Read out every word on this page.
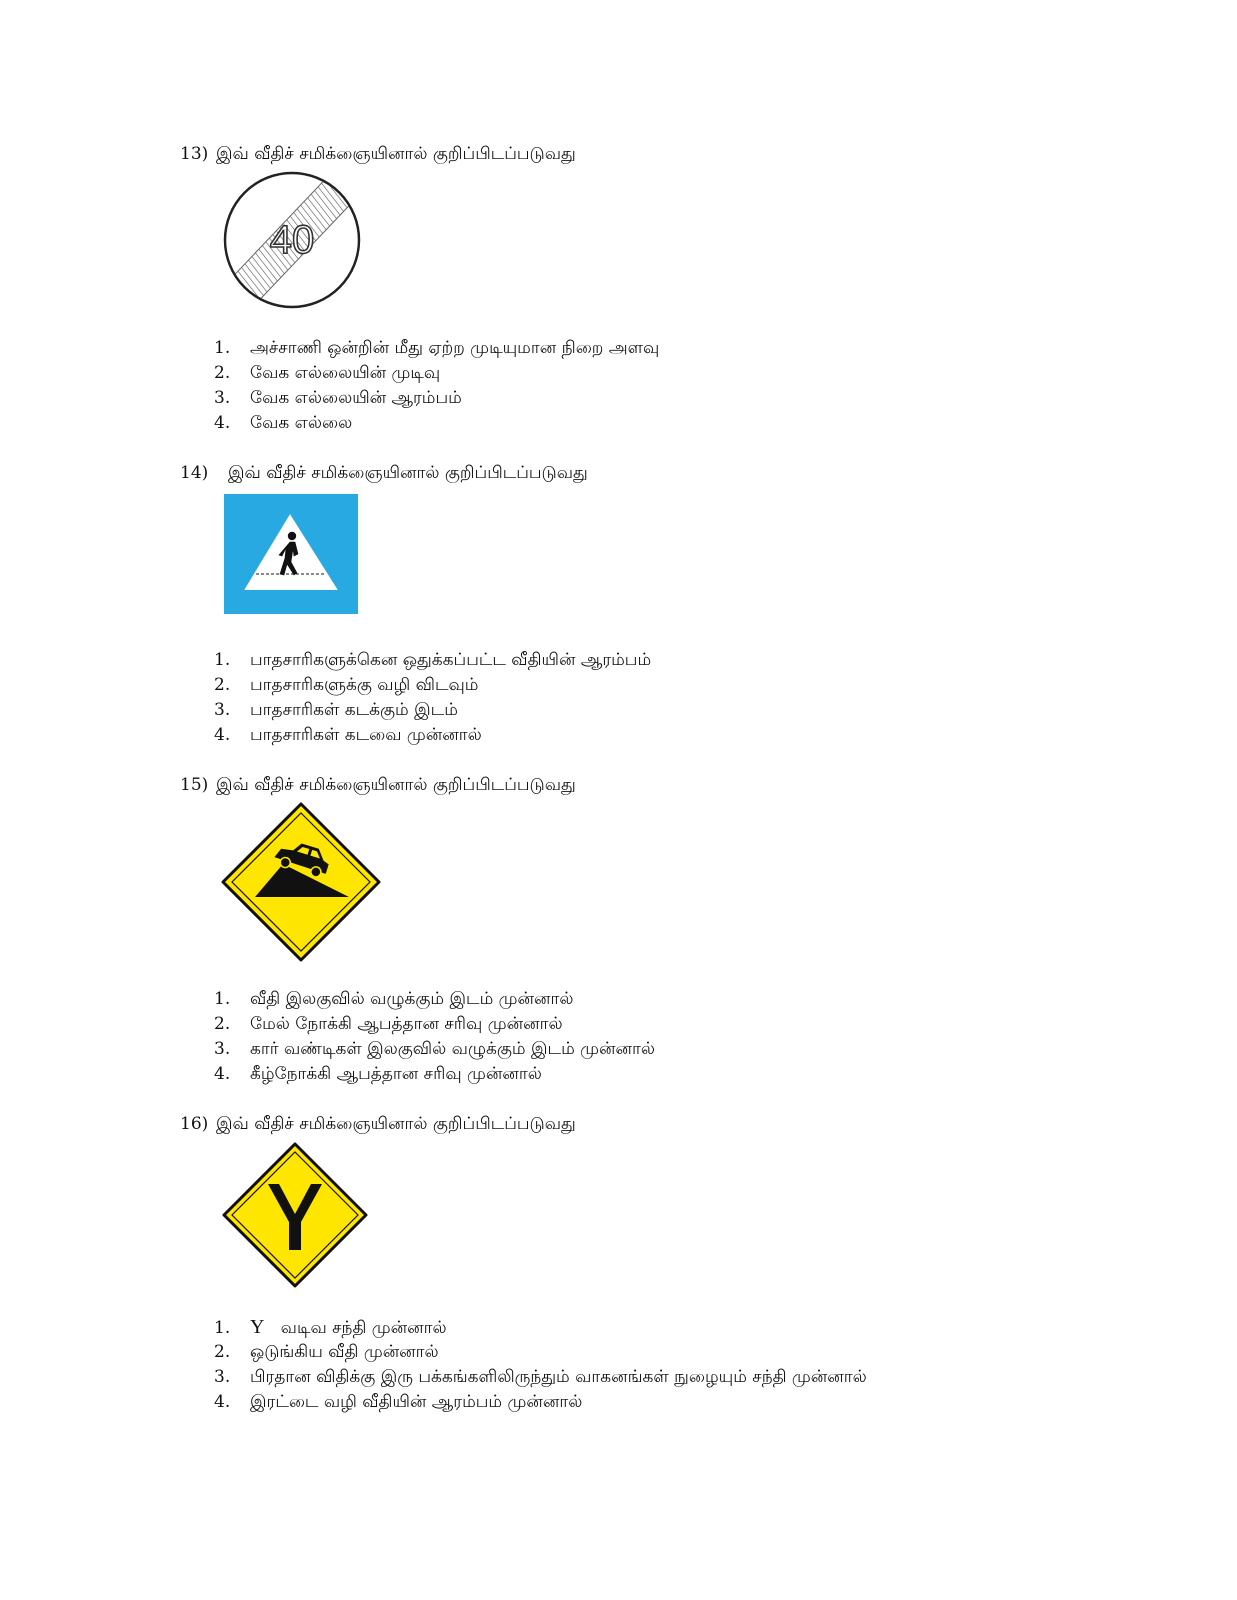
13) இவ் வீதிச் சமிக்ஞையினால் குறிப்பிடப்படுவது
40
1. அச்சாணி ஒன்றின் மீது ஏற்ற முடியுமான நிறை அளவு
2. வேக எல்லையின் முடிவு
3. வேக எல்லையின் ஆரம்பம்
4. வேக எல்லை
14) இவ் வீதிச் சமிக்ஞையினால் குறிப்பிடப்படுவது
1. பாதசாரிகளுக்கென ஒதுக்கப்பட்ட வீதியின் ஆரம்பம்
2. பாதசாரிகளுக்கு வழி விடவும்
3. பாதசாரிகள் கடக்கும் இடம்
4. பாதசாரிகள் கடவை முன்னால்
15) இவ் வீதிச் சமிக்ஞையினால் குறிப்பிடப்படுவது
1. வீதி இலகுவில் வழுக்கும் இடம் முன்னால்
2. மேல் நோக்கி ஆபத்தான சரிவு முன்னால்
3. கார் வண்டிகள் இலகுவில் வழுக்கும் இடம் முன்னால்
4. கீழ்நோக்கி ஆபத்தான சரிவு முன்னால்
16) இவ் வீதிச் சமிக்ஞையினால் குறிப்பிடப்படுவது
1. Y வடிவ சந்தி முன்னால்
2. ஒடுங்கிய வீதி முன்னால்
3. பிரதான விதிக்கு இரு பக்கங்களிலிருந்தும் வாகனங்கள் நுழையும் சந்தி முன்னால்
4. இரட்டை வழி வீதியின் ஆரம்பம் முன்னால்
